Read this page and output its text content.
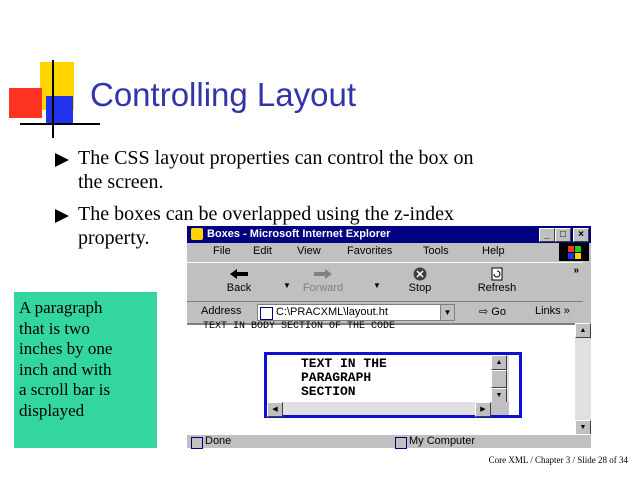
Controlling Layout
The CSS layout properties can control the box on
the screen.
The boxes can be overlapped using the z-index
property.
A paragraph
that is two
inches by one
inch and with
a scroll bar is
displayed
Boxes - Microsoft Internet Explorer	_	□	×
File Edit View Favorites	Tools	Help
Back	▼	Forward	▼	Stop	Refresh
»
Address	C:\PRACXML\layout.ht	▼	⇨ Go	Links »
TEXT IN BODY SECTION OF THE CODE
TEXT IN THE
PARAGRAPH
SECTION
▲
▼
◀	▶
▲
▼
Done	My Computer
Core XML / Chapter 3 / Slide 28 of 34
